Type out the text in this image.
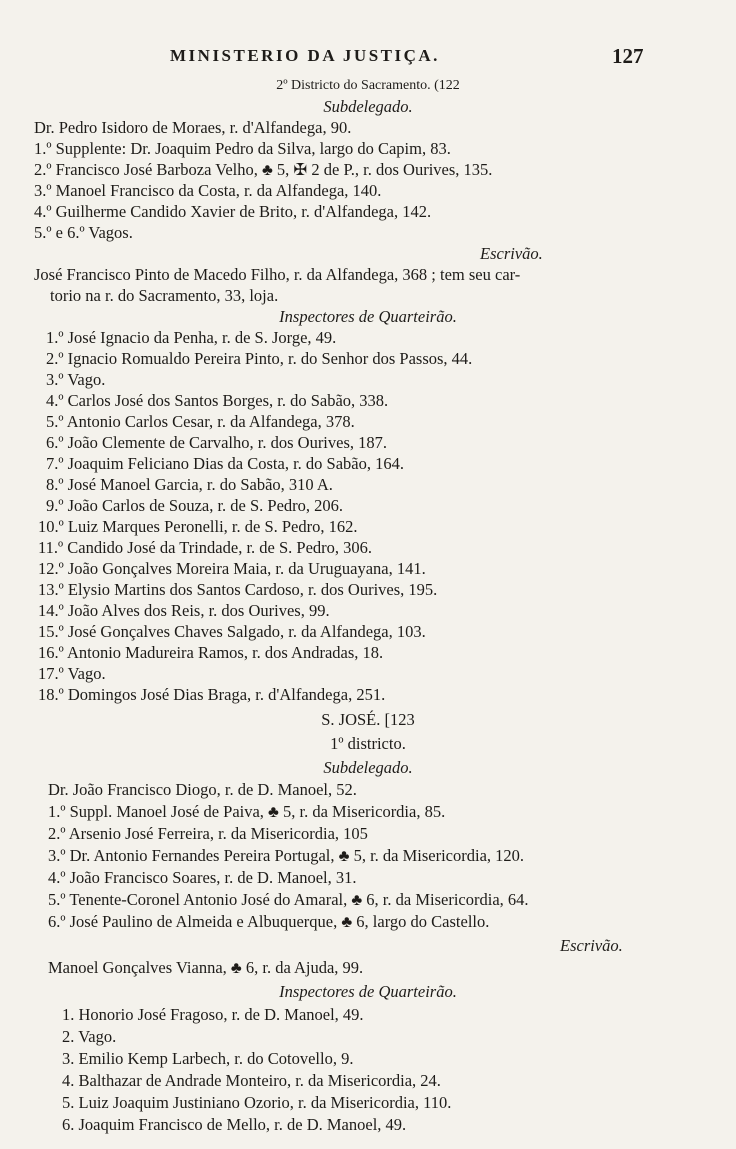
MINISTERIO DA JUSTIÇA.	127
2º Districto do Sacramento. (122
Subdelegado.
Dr. Pedro Isidoro de Moraes, r. d'Alfandega, 90.
1.º Supplente: Dr. Joaquim Pedro da Silva, largo do Capim, 83.
2.º Francisco José Barboza Velho, ♣ 5, ✠ 2 de P., r. dos Ourives, 135.
3.º Manoel Francisco da Costa, r. da Alfandega, 140.
4.º Guilherme Candido Xavier de Brito, r. d'Alfandega, 142.
5.º e 6.º Vagos.
Escrivão.
José Francisco Pinto de Macedo Filho, r. da Alfandega, 368 ; tem seu car-
torio na r. do Sacramento, 33, loja.
Inspectores de Quarteirão.
1.º José Ignacio da Penha, r. de S. Jorge, 49.
2.º Ignacio Romualdo Pereira Pinto, r. do Senhor dos Passos, 44.
3.º Vago.
4.º Carlos José dos Santos Borges, r. do Sabão, 338.
5.º Antonio Carlos Cesar, r. da Alfandega, 378.
6.º João Clemente de Carvalho, r. dos Ourives, 187.
7.º Joaquim Feliciano Dias da Costa, r. do Sabão, 164.
8.º José Manoel Garcia, r. do Sabão, 310 A.
9.º João Carlos de Souza, r. de S. Pedro, 206.
10.º Luiz Marques Peronelli, r. de S. Pedro, 162.
11.º Candido José da Trindade, r. de S. Pedro, 306.
12.º João Gonçalves Moreira Maia, r. da Uruguayana, 141.
13.º Elysio Martins dos Santos Cardoso, r. dos Ourives, 195.
14.º João Alves dos Reis, r. dos Ourives, 99.
15.º José Gonçalves Chaves Salgado, r. da Alfandega, 103.
16.º Antonio Madureira Ramos, r. dos Andradas, 18.
17.º Vago.
18.º Domingos José Dias Braga, r. d'Alfandega, 251.
S. JOSÉ. [123
1º districto.
Subdelegado.
Dr. João Francisco Diogo, r. de D. Manoel, 52.
1.º Suppl. Manoel José de Paiva, ♣ 5, r. da Misericordia, 85.
2.º Arsenio José Ferreira, r. da Misericordia, 105
3.º Dr. Antonio Fernandes Pereira Portugal, ♣ 5, r. da Misericordia, 120.
4.º João Francisco Soares, r. de D. Manoel, 31.
5.º Tenente-Coronel Antonio José do Amaral, ♣ 6, r. da Misericordia, 64.
6.º José Paulino de Almeida e Albuquerque, ♣ 6, largo do Castello.
Escrivão.
Manoel Gonçalves Vianna, ♣ 6, r. da Ajuda, 99.
Inspectores de Quarteirão.
1. Honorio José Fragoso, r. de D. Manoel, 49.
2. Vago.
3. Emilio Kemp Larbech, r. do Cotovello, 9.
4. Balthazar de Andrade Monteiro, r. da Misericordia, 24.
5. Luiz Joaquim Justiniano Ozorio, r. da Misericordia, 110.
6. Joaquim Francisco de Mello, r. de D. Manoel, 49.
